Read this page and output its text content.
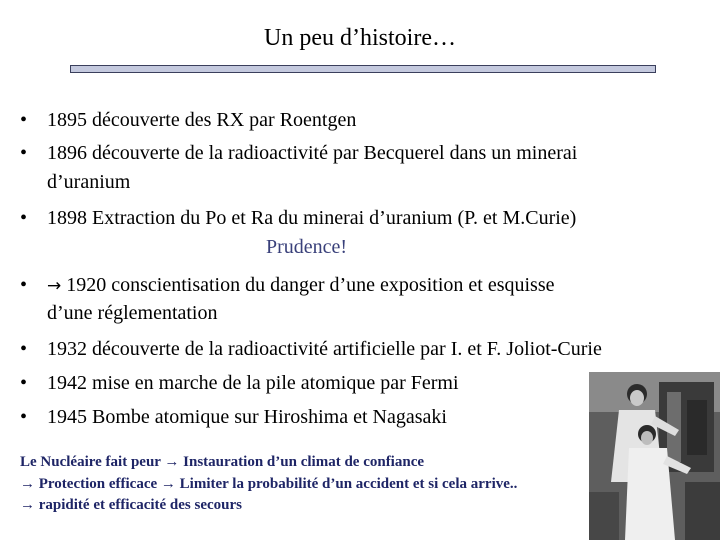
Un peu d’histoire…
• 1895 découverte des RX par Roentgen
• 1896 découverte de la radioactivité par Becquerel dans un minerai
d’uranium
• 1898 Extraction du Po et Ra du minerai d’uranium (P. et M.Curie)
•	→ 1920 conscientisation du danger d’une exposition et esquisse
d’une réglementation
• 1932 découverte de la radioactivité artificielle par I. et F. Joliot-Curie
• 1942 mise en marche de la pile atomique par Fermi
• 1945 Bombe atomique sur Hiroshima et Nagasaki
Prudence!
Le Nucléaire fait peur → Instauration d’un climat de confiance
→ Protection efficace → Limiter la probabilité d’un accident et si cela arrive..
→ rapidité et efficacité des secours
